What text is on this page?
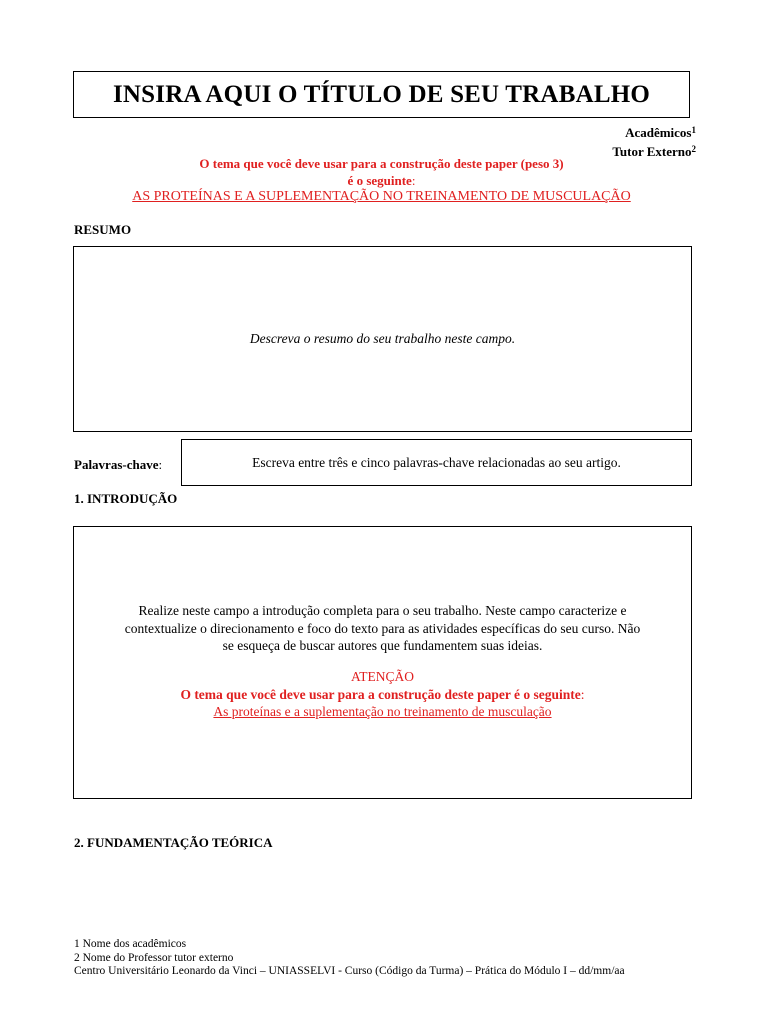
INSIRA AQUI O TÍTULO DE SEU TRABALHO
Acadêmicos$^1$
Tutor Externo$^2$
O tema que você deve usar para a construção deste paper (peso 3)
é o seguinte:
AS PROTEÍNAS E A SUPLEMENTAÇÃO NO TREINAMENTO DE MUSCULAÇÃO
RESUMO
Descreva o resumo do seu trabalho neste campo.
Palavras-chave:	Escreva entre três e cinco palavras-chave relacionadas ao seu artigo.
1. INTRODUÇÃO
Realize neste campo a introdução completa para o seu trabalho. Neste campo caracterize e
contextualize o direcionamento e foco do texto para as atividades específicas do seu curso. Não
se esqueça de buscar autores que fundamentem suas ideias.
ATENÇÃO
O tema que você deve usar para a construção deste paper é o seguinte:
As proteínas e a suplementação no treinamento de musculação
2. FUNDAMENTAÇÃO TEÓRICA
1 Nome dos acadêmicos
2 Nome do Professor tutor externo
Centro Universitário Leonardo da Vinci – UNIASSELVI - Curso (Código da Turma) – Prática do Módulo I – dd/mm/aa
